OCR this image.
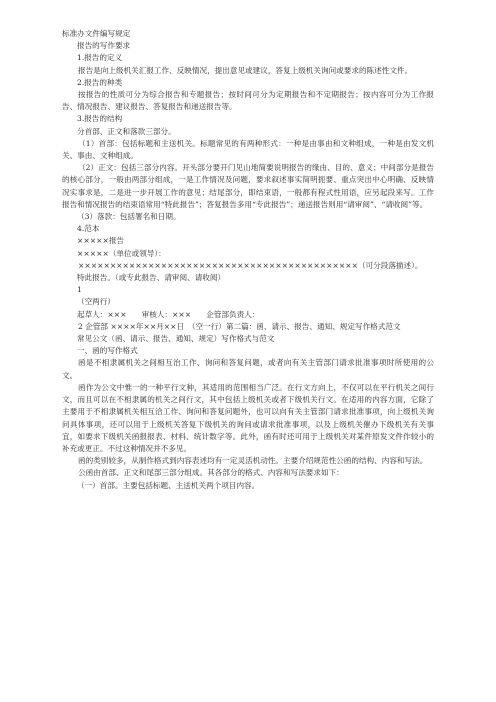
标准办文件编写规定
报告的写作要求
1.报告的定义
报告是向上级机关汇报工作、反映情况，提出意见或建议，答复上级机关询问或要求的陈述性文件。
2.报告的种类
按报告的性质可分为综合报告和专题报告；按时间可分为定期报告和不定期报告；按内容可分为工作报告、情况报告、建议报告、答复报告和递送报告等。
3.报告的结构
分首部、正文和落款三部分。
（1）首部：包括标题和主送机关。标题常见的有两种形式：一种是由事由和文种组成，一种是由发文机关、事由、文种组成。
（2）正文：包括三部分内容。开头部分要开门见山地简要说明报告的缘由、目的、意义；中间部分是报告的核心部分，一般由两部分组成，一是工作情况及问题，要求叙述事实简明扼要、重点突出中心明确、反映情况实事求是，二是进一步开展工作的意见；结尾部分，即结束语，一般都有程式性用语，应另起段来写。工作报告和情况报告的结束语常用“特此报告”；答复报告多用“专此报告”；递送报告则用“请审阅”、“请收阅”等。
（3）落款：包括署名和日期。
4.范本
×××××报告
×××××（单位或领导）：
××××××××××××××××××××××××××××××××××××××××××××（可分段落描述）。
特此报告。（或专此报告、请审阅、请收阅）
1
（空两行）
起草人：×××　　审核人：×××　　企管部负责人：
2 企管部 ××××年××月××日　（空一行）第二篇：函、请示、报告、通知、规定写作格式范文
常见公文（函、请示、报告、通知、规定）写作格式与范文
一、函的写作格式
函是不相隶属机关之间相互治工作、询问和答复问题，或者向有关主管部门请求批准事项时所使用的公文。
函作为公文中惟一的一种平行文种，其适用的范围相当广泛。在行文方向上，不仅可以在平行机关之间行文，而且可以在不相隶属的机关之间行文，其中包括上级机关或者下级机关行文。在适用的内容方面，它除了主要用于不相隶属机关相互洽工作、询问和答复问题外，也可以向有关主管部门请求批准事项，向上级机关询问具体事项，还可以用于上级机关答复下级机关的询问或请求批准事项，以及上级机关催办下级机关有关事宜，如要求下级机关函报报表、材料、统计数字等。此外，函有时还可用于上级机关对某件原发文件作较小的补充或更正。不过这种情况并不多见。
函的类别较多，从制作格式到内容表述均有一定灵活机动性。主要介绍规范性公函的结构、内容和写法。
公函由首部、正文和尾部三部分组成。其各部分的格式、内容和写法要求如下：
（一）首部。主要包括标题、主送机关两个项目内容。
